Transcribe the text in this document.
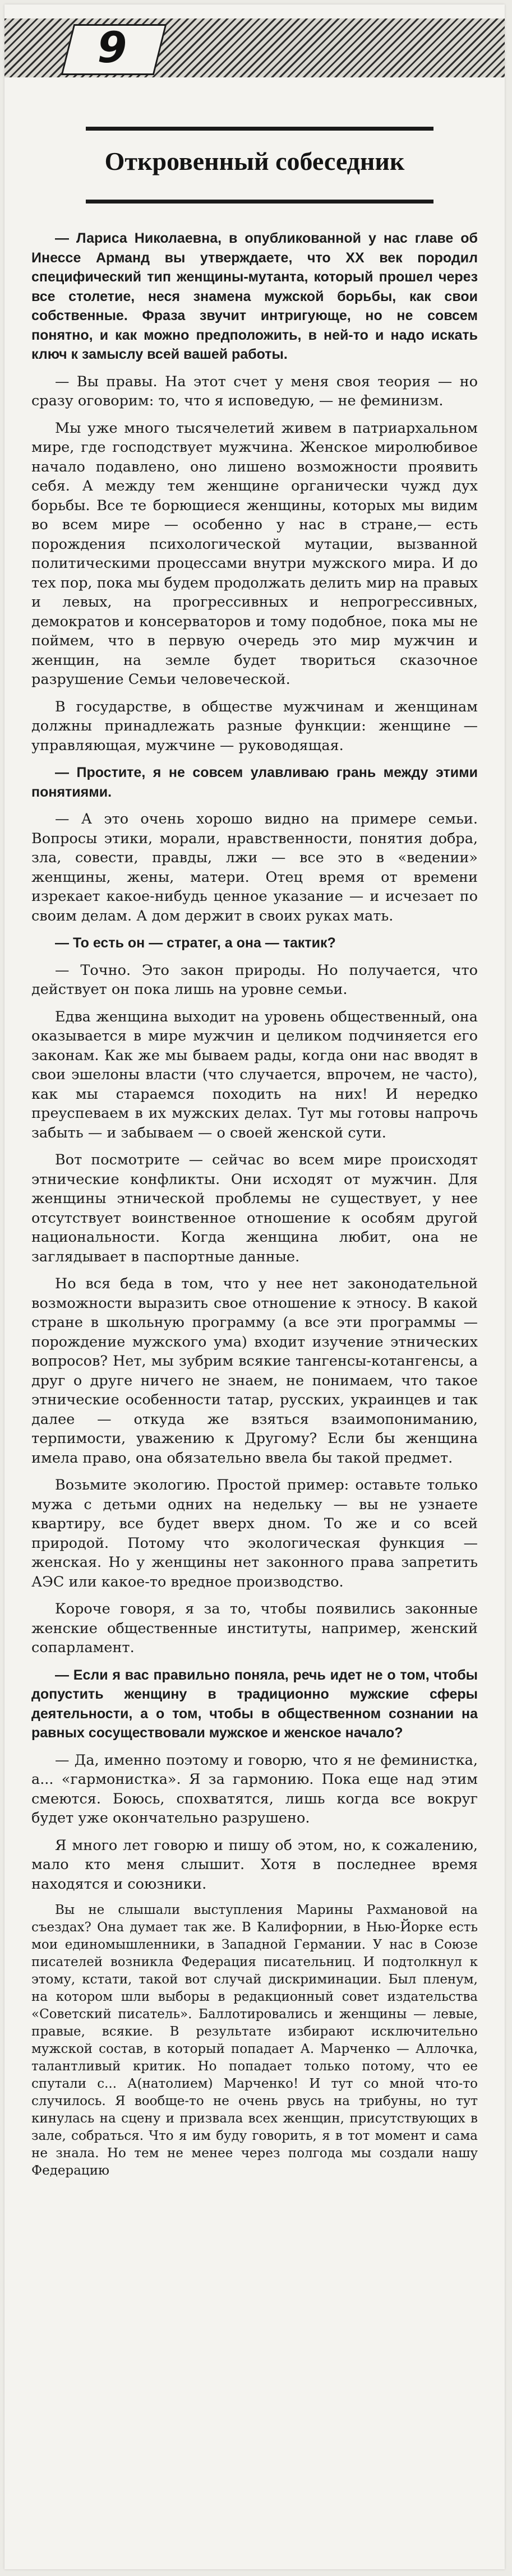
9
Откровенный собеседник

— Лариса Николаевна, в опубликованной у нас главе об Инессе Арманд вы утверждаете, что XX век породил специфический тип женщины-мутанта, который прошел через все столетие, неся знамена мужской борьбы, как свои собственные. Фраза звучит интригующе, но не совсем понятно, и как можно предположить, в ней-то и надо искать ключ к замыслу всей вашей работы.

— Вы правы. На этот счет у меня своя теория — но сразу оговорим: то, что я исповедую, — не феминизм.

Мы уже много тысячелетий живем в патриархальном мире, где господствует мужчина. Женское миролюбивое начало подавлено, оно лишено возможности проявить себя. А между тем женщине органически чужд дух борьбы. Все те борющиеся женщины, которых мы видим во всем мире — особенно у нас в стране,— есть порождения психологической мутации, вызванной политическими процессами внутри мужского мира. И до тех пор, пока мы будем продолжать делить мир на правых и левых, на прогрессивных и непрогрессивных, демократов и консерваторов и тому подобное, пока мы не поймем, что в первую очередь это мир мужчин и женщин, на земле будет твориться сказочное разрушение Семьи человеческой.

В государстве, в обществе мужчинам и женщинам должны принадлежать разные функции: женщине — управляющая, мужчине — руководящая.

— Простите, я не совсем улавливаю грань между этими понятиями.

— А это очень хорошо видно на примере семьи. Вопросы этики, морали, нравственности, понятия добра, зла, совести, правды, лжи — все это в «ведении» женщины, жены, матери. Отец время от времени изрекает какое-нибудь ценное указание — и исчезает по своим делам. А дом держит в своих руках мать.

— То есть он — стратег, а она — тактик?

— Точно. Это закон природы. Но получается, что действует он пока лишь на уровне семьи.

Едва женщина выходит на уровень общественный, она оказывается в мире мужчин и целиком подчиняется его законам. Как же мы бываем рады, когда они нас вводят в свои эшелоны власти (что случается, впрочем, не часто), как мы стараемся походить на них! И нередко преуспеваем в их мужских делах. Тут мы готовы напрочь забыть — и забываем — о своей женской сути.

Вот посмотрите — сейчас во всем мире происходят этнические конфликты. Они исходят от мужчин. Для женщины этнической проблемы не существует, у нее отсутствует воинственное отношение к особям другой национальности. Когда женщина любит, она не заглядывает в паспортные данные.

Но вся беда в том, что у нее нет законодательной возможности выразить свое отношение к этносу. В какой стране в школьную программу (а все эти программы — порождение мужского ума) входит изучение этнических вопросов? Нет, мы зубрим всякие тангенсы-котангенсы, а друг о друге ничего не знаем, не понимаем, что такое этнические особенности татар, русских, украинцев и так далее — откуда же взяться взаимопониманию, терпимости, уважению к Другому? Если бы женщина имела право, она обязательно ввела бы такой предмет.

Возьмите экологию. Простой пример: оставьте только мужа с детьми одних на недельку — вы не узнаете квартиру, все будет вверх дном. То же и со всей природой. Потому что экологическая функция — женская. Но у женщины нет законного права запретить АЭС или какое-то вредное производство.

Короче говоря, я за то, чтобы появились законные женские общественные институты, например, женский сопарламент.

— Если я вас правильно поняла, речь идет не о том, чтобы допустить женщину в традиционно мужские сферы деятельности, а о том, чтобы в общественном сознании на равных сосуществовали мужское и женское начало?

— Да, именно поэтому и говорю, что я не феминистка, а... «гармонистка». Я за гармонию. Пока еще над этим смеются. Боюсь, спохватятся, лишь когда все вокруг будет уже окончательно разрушено.

Я много лет говорю и пишу об этом, но, к сожалению, мало кто меня слышит. Хотя в последнее время находятся и союзники.

Вы не слышали выступления Марины Рахмановой на съездах? Она думает так же. В Калифорнии, в Нью-Йорке есть мои единомышленники, в Западной Германии. У нас в Союзе писателей возникла Федерация писательниц. И подтолкнул к этому, кстати, такой вот случай дискриминации. Был пленум, на котором шли выборы в редакционный совет издательства «Советский писатель». Баллотировались и женщины — левые, правые, всякие. В результате избирают исключительно мужской состав, в который попадает А. Марченко — Аллочка, талантливый критик. Но попадает только потому, что ее спутали с... А(натолием) Марченко! И тут со мной что-то случилось. Я вообще-то не очень рвусь на трибуны, но тут кинулась на сцену и призвала всех женщин, присутствующих в зале, собраться. Что я им буду говорить, я в тот момент и сама не знала. Но тем не менее через полгода мы создали нашу Федерацию
